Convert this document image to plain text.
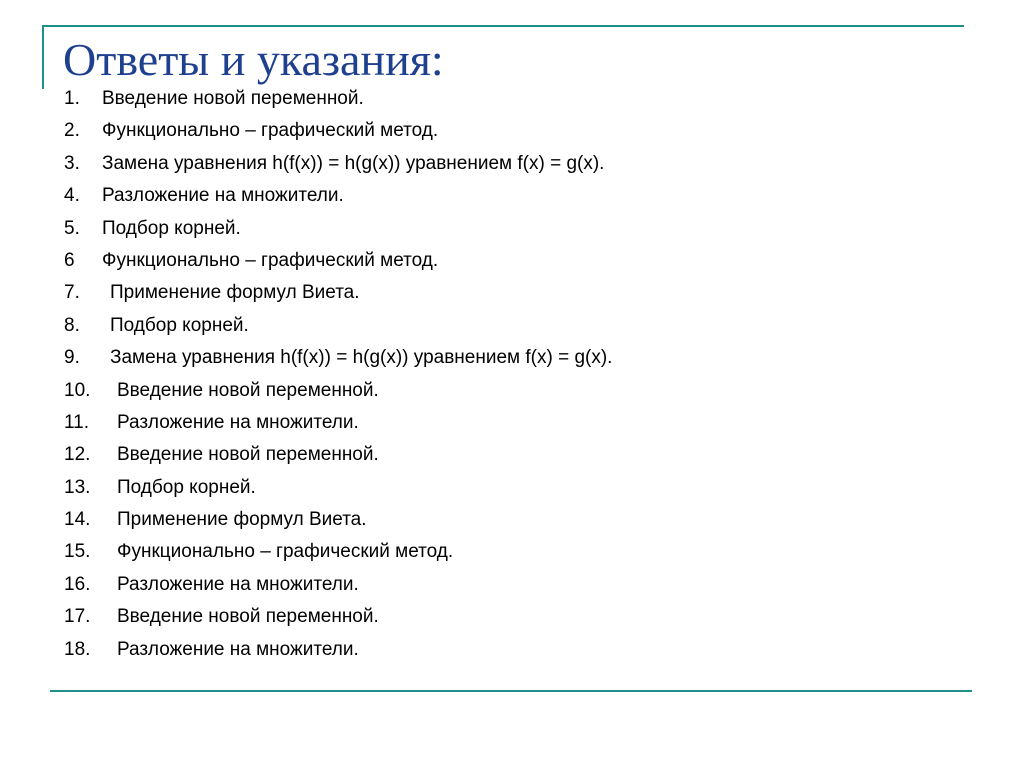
Ответы и указания:
1. Введение новой переменной.
2. Функционально – графический метод.
3. Замена уравнения h(f(x)) = h(g(x)) уравнением f(x) = g(x).
4. Разложение на множители.
5. Подбор корней.
6 Функционально – графический метод.
7. Применение формул Виета.
8. Подбор корней.
9. Замена уравнения h(f(x)) = h(g(x)) уравнением f(x) = g(x).
10. Введение новой переменной.
11. Разложение на множители.
12. Введение новой переменной.
13. Подбор корней.
14. Применение формул Виета.
15. Функционально – графический метод.
16. Разложение на множители.
17. Введение новой переменной.
18. Разложение на множители.
